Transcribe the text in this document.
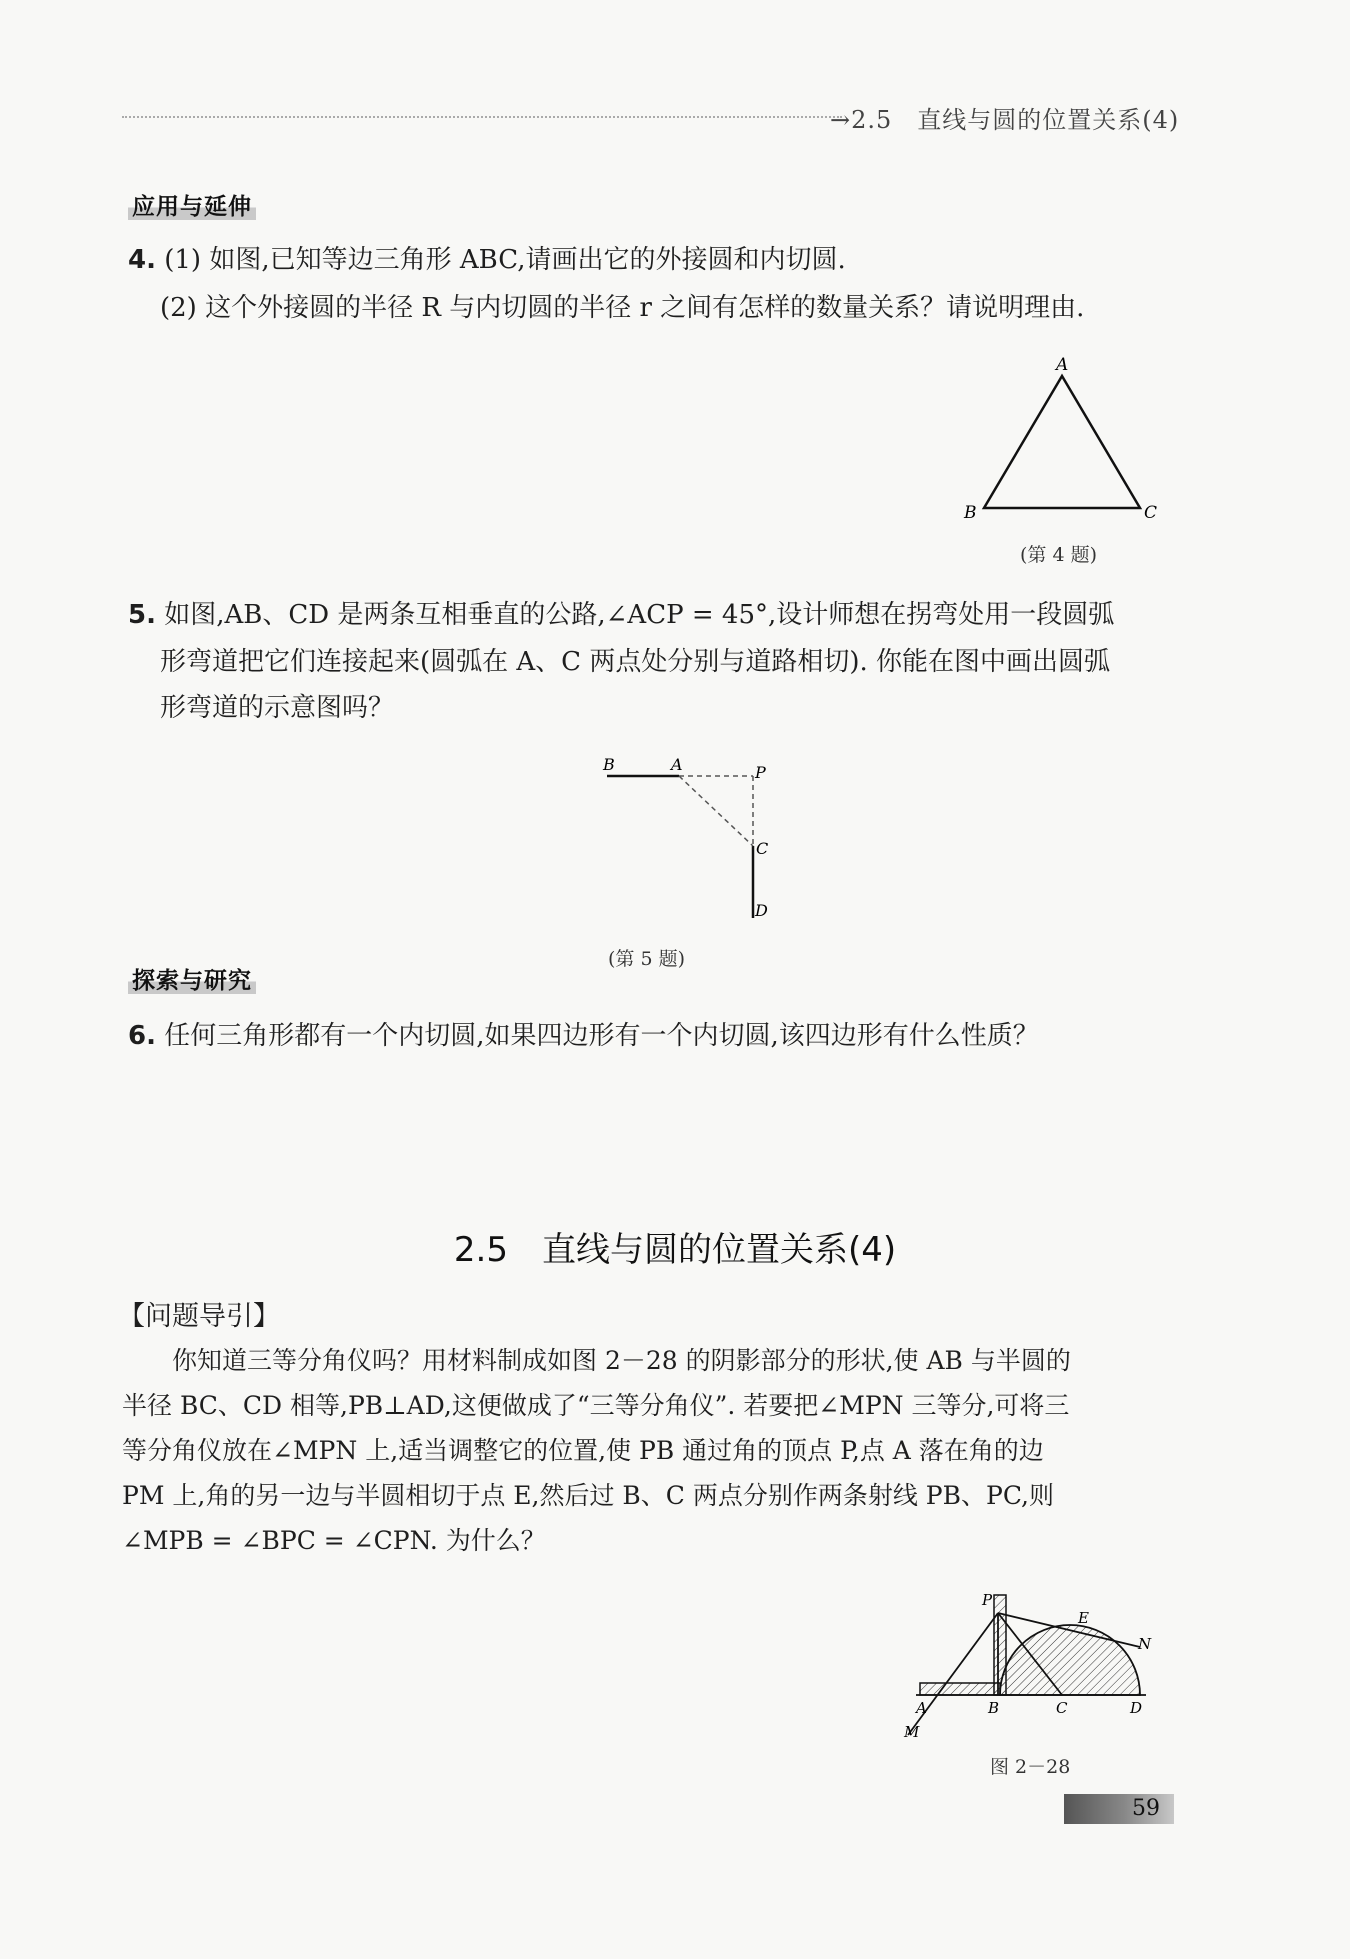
→2.5　直线与圆的位置关系(4)
应用与延伸
4. (1) 如图,已知等边三角形 ABC,请画出它的外接圆和内切圆.
(2) 这个外接圆的半径 R 与内切圆的半径 r 之间有怎样的数量关系？请说明理由.
A
B	C
(第 4 题)
5. 如图,AB、CD 是两条互相垂直的公路,∠ACP = 45°,设计师想在拐弯处用一段圆弧
形弯道把它们连接起来(圆弧在 A、C 两点处分别与道路相切). 你能在图中画出圆弧
形弯道的示意图吗？
B	A	P
C
D
(第 5 题)
探索与研究
6. 任何三角形都有一个内切圆,如果四边形有一个内切圆,该四边形有什么性质？
2.5　直线与圆的位置关系(4)
【问题导引】
　　你知道三等分角仪吗？用材料制成如图 2－28 的阴影部分的形状,使 AB 与半圆的
半径 BC、CD 相等,PB⊥AD,这便做成了“三等分角仪”. 若要把∠MPN 三等分,可将三
等分角仪放在∠MPN 上,适当调整它的位置,使 PB 通过角的顶点 P,点 A 落在角的边
PM 上,角的另一边与半圆相切于点 E,然后过 B、C 两点分别作两条射线 PB、PC,则
∠MPB = ∠BPC = ∠CPN. 为什么？
P
E
N
A	B	C	D
M
图 2－28
59
